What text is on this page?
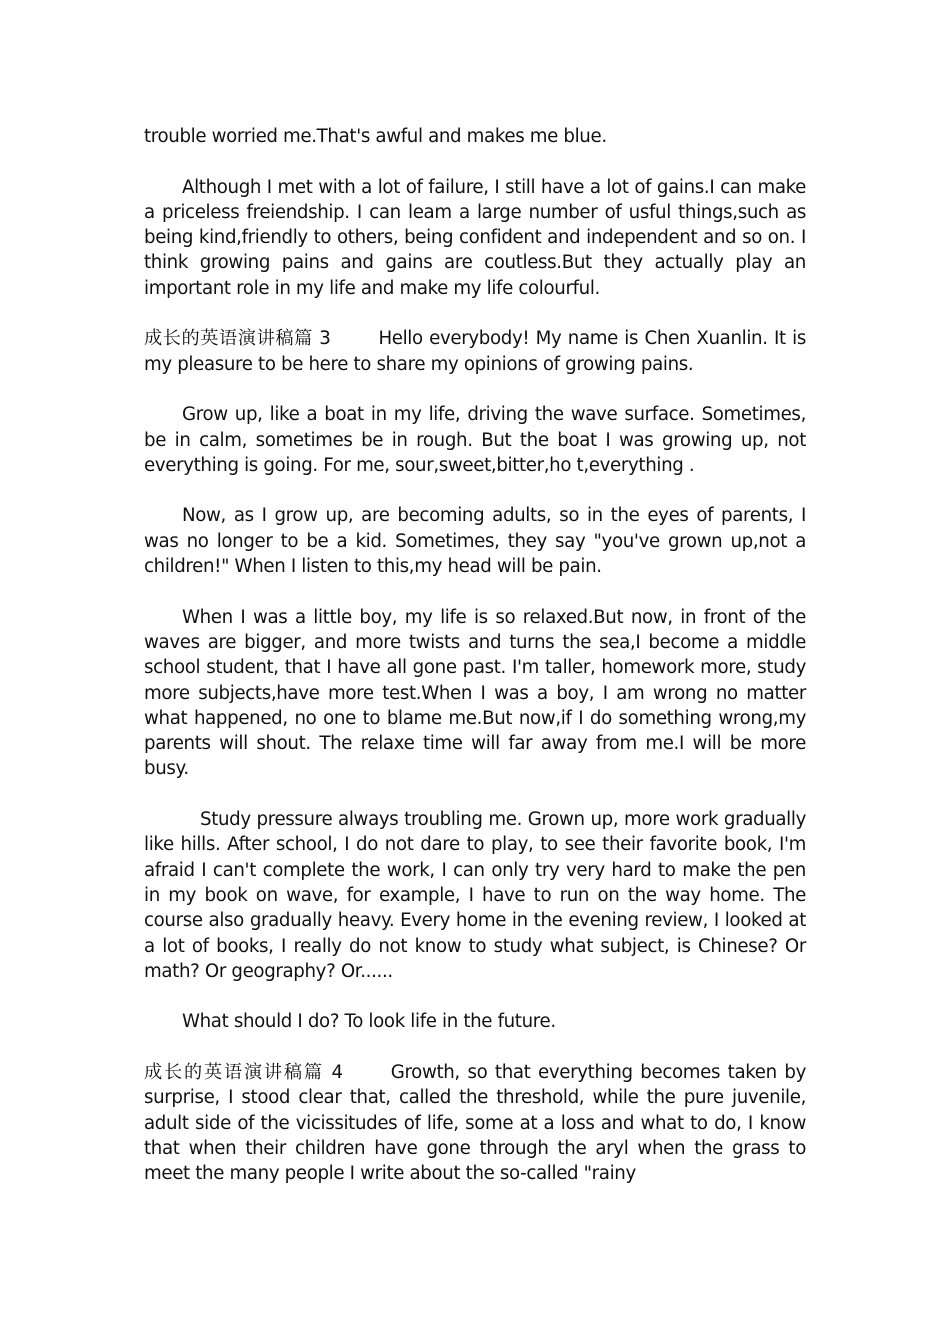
trouble worried me.That's awful and makes me blue.

Although I met with a lot of failure, I still have a lot of gains.I can make a priceless freiendship. I can leam a large number of usful things,such as being kind,friendly to others, being confident and independent and so on. I think growing pains and gains are coutless.But they actually play an important role in my life and make my life colourful.

成长的英语演讲稿篇 3	Hello everybody! My name is Chen Xuanlin. It is my pleasure to be here to share my opinions of growing pains.

Grow up, like a boat in my life, driving the wave surface. Sometimes, be in calm, sometimes be in rough. But the boat I was growing up, not everything is going. For me, sour,sweet,bitter,ho t,everything .

Now, as I grow up, are becoming adults, so in the eyes of parents, I was no longer to be a kid. Sometimes, they say "you've grown up,not a children!" When I listen to this,my head will be pain.

When I was a little boy, my life is so relaxed.But now, in front of the waves are bigger, and more twists and turns the sea,I become a middle school student, that I have all gone past. I'm taller, homework more, study more subjects,have more test.When I was a boy, I am wrong no matter what happened, no one to blame me.But now,if I do something wrong,my parents will shout. The relaxe time will far away from me.I will be more busy.

Study pressure always troubling me. Grown up, more work gradually like hills. After school, I do not dare to play, to see their favorite book, I'm afraid I can't complete the work, I can only try very hard to make the pen in my book on wave, for example, I have to run on the way home. The course also gradually heavy. Every home in the evening review, I looked at a lot of books, I really do not know to study what subject, is Chinese? Or math? Or geography? Or......

What should I do? To look life in the future.

成长的英语演讲稿篇 4	Growth, so that everything becomes taken by surprise, I stood clear that, called the threshold, while the pure juvenile, adult side of the vicissitudes of life, some at a loss and what to do, I know that when their children have gone through the aryl when the grass to meet the many people I write about the so-called "rainy
